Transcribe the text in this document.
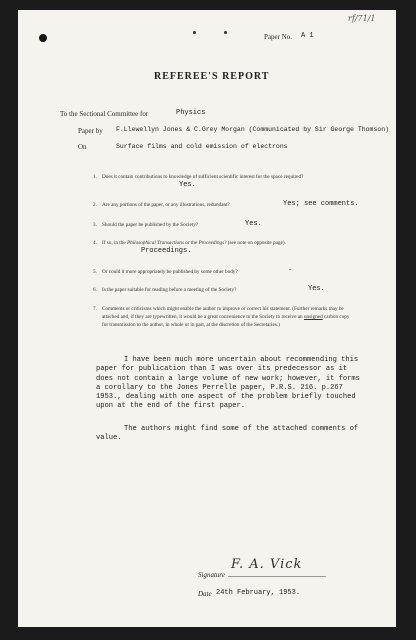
rf/71/1
Paper No. A 1
REFEREE'S REPORT
To the Sectional Committee for	Physics
Paper by F.Llewellyn Jones & C.Grey Morgan (Communicated by Sir George Thomson)
On	Surface films and cold emission of electrons
1. Does it contain contributions to knowledge of sufficient scientific interest for the space required?
Yes.
2. Are any portions of the paper, or any illustrations, redundant?	Yes; see comments.
3. Should the paper be published by the Society?	Yes.
4. If so, in the Philosophical Transactions or the Proceedings? (see note on opposite page).
Proceedings.
5. Or could it more appropriately be published by some other body?	-
6. Is the paper suitable for reading before a meeting of the Society?	Yes.
7. Comments or criticisms which might enable the author to improve or correct his statement. (Further remarks may be attached and, if they are typewritten, it would be a great convenience to the Society to receive an unsigned carbon copy for transmission to the author, in whole or in part, at the discretion of the Secretaries.)
I have been much more uncertain about recommending this paper for publication than I was over its predecessor as it does not contain a large volume of new work; however, it forms a corollary to the Jones Perrelle paper, P.R.S. 216. p.267 1953., dealing with one aspect of the problem briefly touched upon at the end of the first paper.
The authors might find some of the attached comments of value.
Signature
F. A. Vick
Date 24th February, 1953.
